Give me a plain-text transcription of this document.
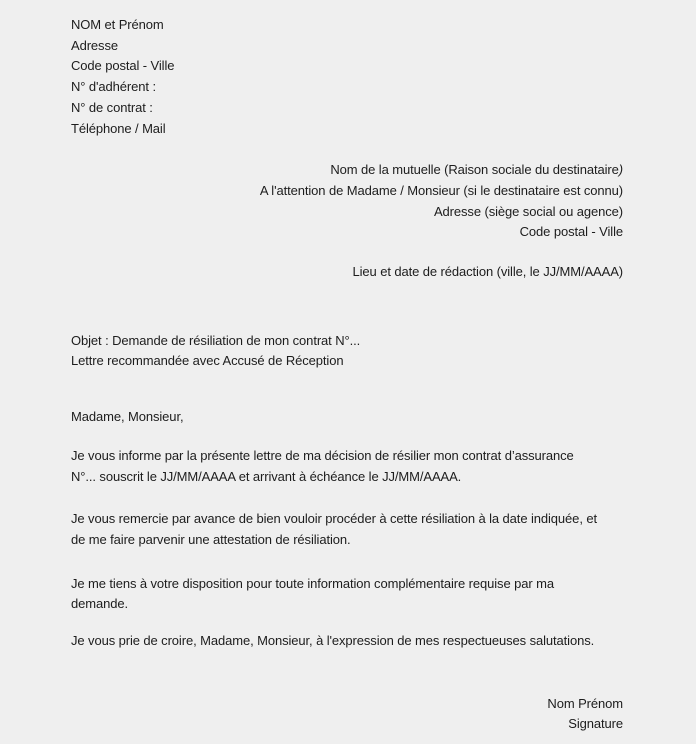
NOM et Prénom
Adresse
Code postal - Ville
N° d'adhérent :
N° de contrat :
Téléphone / Mail
Nom de la mutuelle (Raison sociale du destinataire)
A l'attention de Madame / Monsieur (si le destinataire est connu)
Adresse (siège social ou agence)
Code postal - Ville
Lieu et date de rédaction (ville, le JJ/MM/AAAA)
Objet : Demande de résiliation de mon contrat N°...
Lettre recommandée avec Accusé de Réception
Madame, Monsieur,
Je vous informe par la présente lettre de ma décision de résilier mon contrat d’assurance
N°... souscrit le JJ/MM/AAAA et arrivant à échéance le JJ/MM/AAAA.
Je vous remercie par avance de bien vouloir procéder à cette résiliation à la date indiquée, et
de me faire parvenir une attestation de résiliation.
Je me tiens à votre disposition pour toute information complémentaire requise par ma
demande.
Je vous prie de croire, Madame, Monsieur, à l'expression de mes respectueuses salutations.
Nom Prénom
Signature
